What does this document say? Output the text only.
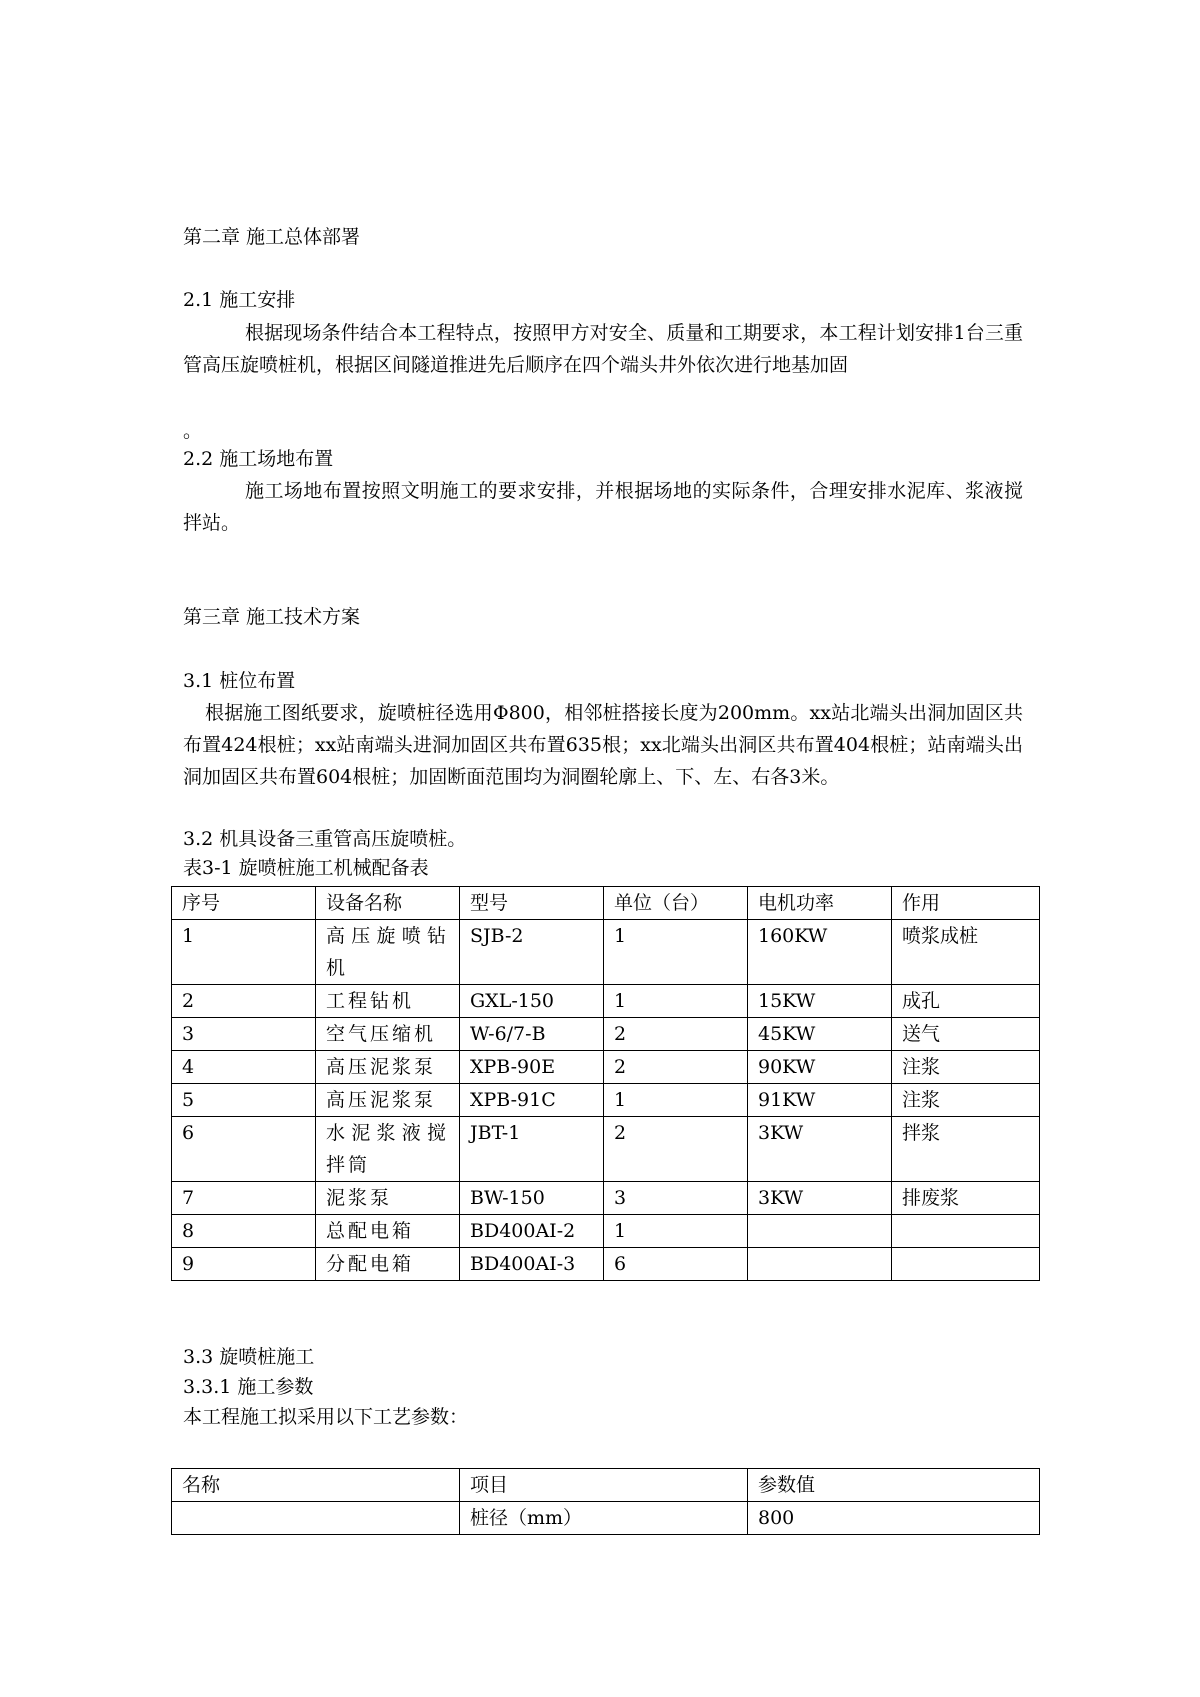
第二章 施工总体部署
2.1 施工安排

根据现场条件结合本工程特点，按照甲方对安全、质量和工期要求，本工程计划安排1台三重管高压旋喷桩机，根据区间隧道推进先后顺序在四个端头井外依次进行地基加固

。
2.2 施工场地布置

施工场地布置按照文明施工的要求安排，并根据场地的实际条件，合理安排水泥库、浆液搅拌站。

第三章 施工技术方案
3.1 桩位布置

根据施工图纸要求，旋喷桩径选用Φ800，相邻桩搭接长度为200mm。xx站北端头出洞加固区共布置424根桩；xx站南端头进洞加固区共布置635根；xx北端头出洞区共布置404根桩；站南端头出洞加固区共布置604根桩；加固断面范围均为洞圈轮廓上、下、左、右各3米。

3.2 机具设备三重管高压旋喷桩。
表3-1 旋喷桩施工机械配备表
序号	设备名称	型号	单位（台）	电机功率	作用
1	高压旋喷钻机	SJB-2	1	160KW	喷浆成桩
2	工程钻机	GXL-150	1	15KW	成孔
3	空气压缩机	W-6/7-B	2	45KW	送气
4	高压泥浆泵	XPB-90E	2	90KW	注浆
5	高压泥浆泵	XPB-91C	1	91KW	注浆
6	水泥浆液搅拌筒	JBT-1	2	3KW	拌浆
7	泥浆泵	BW-150	3	3KW	排废浆
8	总配电箱	BD400AI-2	1		
9	分配电箱	BD400AI-3	6		
3.3 旋喷桩施工
3.3.1 施工参数
本工程施工拟采用以下工艺参数：
名称	项目	参数值
	桩径（mm）	800
